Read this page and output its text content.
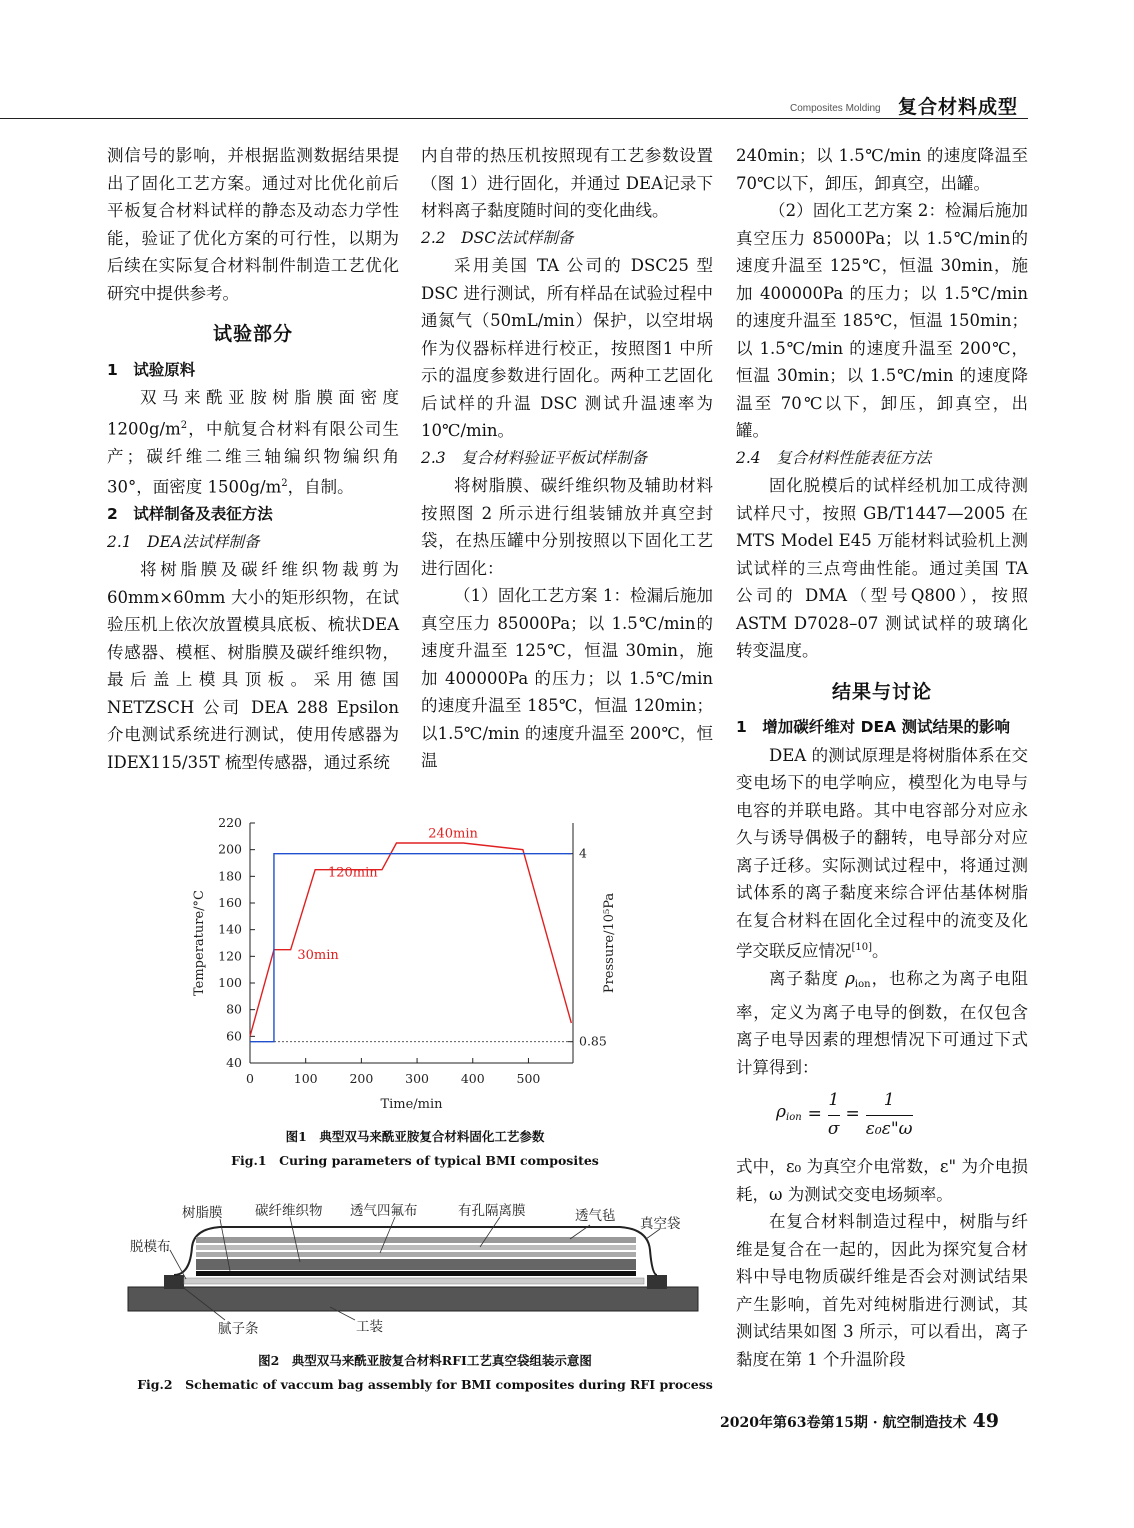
Composites Molding 复合材料成型

测信号的影响，并根据监测数据结果提出了固化工艺方案。通过对比优化前后平板复合材料试样的静态及动态力学性能，验证了优化方案的可行性，以期为后续在实际复合材料制件制造工艺优化研究中提供参考。

试验部分

1　试验原料

双马来酰亚胺树脂膜面密度$1200g/m^2$，中航复合材料有限公司生产；碳纤维二维三轴编织物编织角 30°，面密度 $1500g/m^2$，自制。

2　试样制备及表征方法

2.1　DEA法试样制备

将树脂膜及碳纤维织物裁剪为60mm×60mm 大小的矩形织物，在试验压机上依次放置模具底板、梳状DEA 传感器、模框、树脂膜及碳纤维织物，最后盖上模具顶板。采用德国NETZSCH 公司 DEA 288 Epsilon 介电测试系统进行测试，使用传感器为IDEX115/35T 梳型传感器，通过系统

内自带的热压机按照现有工艺参数设置（图 1）进行固化，并通过 DEA记录下材料离子黏度随时间的变化曲线。

2.2　DSC法试样制备

采用美国 TA 公司的 DSC25 型DSC 进行测试，所有样品在试验过程中通氮气（50mL/min）保护，以空坩埚作为仪器标样进行校正，按照图1 中所示的温度参数进行固化。两种工艺固化后试样的升温 DSC 测试升温速率为 10℃/min。

2.3　复合材料验证平板试样制备

将树脂膜、碳纤维织物及辅助材料按照图 2 所示进行组装铺放并真空封袋，在热压罐中分别按照以下固化工艺进行固化：

（1）固化工艺方案 1：检漏后施加真空压力 85000Pa；以 1.5℃/min的速度升温至 125℃，恒温 30min，施加 400000Pa 的压力；以 1.5℃/min 的速度升温至 185℃，恒温 120min；以1.5℃/min 的速度升温至 200℃，恒温

240min；以 1.5℃/min 的速度降温至70℃以下，卸压，卸真空，出罐。

（2）固化工艺方案 2：检漏后施加真空压力 85000Pa；以 1.5℃/min的速度升温至 125℃，恒温 30min，施加 400000Pa 的压力；以 1.5℃/min的速度升温至 185℃，恒温 150min；以 1.5℃/min 的速度升温至 200℃，恒温 30min；以 1.5℃/min 的速度降温至 70℃以下，卸压，卸真空，出罐。

2.4　复合材料性能表征方法

固化脱模后的试样经机加工成待测试样尺寸，按照 GB/T1447—2005 在 MTS Model E45 万能材料试验机上测试试样的三点弯曲性能。通过美国 TA 公司的 DMA（型号Q800），按照 ASTM D7028–07 测试试样的玻璃化转变温度。

结果与讨论

1　增加碳纤维对 DEA 测试结果的影响

DEA 的测试原理是将树脂体系在交变电场下的电学响应，模型化为电导与电容的并联电路。其中电容部分对应永久与诱导偶极子的翻转，电导部分对应离子迁移。实际测试过程中，将通过测试体系的离子黏度来综合评估基体树脂在复合材料在固化全过程中的流变及化学交联反应情况[10]。

离子黏度 $\rho_{ion}$，也称之为离子电阻率，定义为离子电导的倒数，在仅包含离子电导因素的理想情况下可通过下式计算得到：

$\rho_{ion} = \frac{1}{\sigma} = \frac{1}{\text{ε₀ε"ω}}$

式中，ε₀ 为真空介电常数，ε" 为介电损耗，ω 为测试交变电场频率。

在复合材料制造过程中，树脂与纤维是复合在一起的，因此为探究复合材料中导电物质碳纤维是否会对测试结果产生影响，首先对纯树脂进行测试，其测试结果如图 3 所示，可以看出，离子黏度在第 1 个升温阶段

40
60
80
100
120
140
160
180
200
220
0	100	200	300	400	500
0.85
4
30min
120min
240min
Time/min
Temperature/°C	Pressure/10⁵Pa
图1　典型双马来酰亚胺复合材料固化工艺参数
Fig.1　Curing parameters of typical BMI composites
树脂膜 碳纤维织物 透气四氟布	有孔隔离膜	透气毡 真空袋
脱模布
腻子条	工装
图2　典型双马来酰亚胺复合材料RFI工艺真空袋组装示意图
Fig.2　Schematic of vaccum bag assembly for BMI composites during RFI process
2020年第63卷第15期 · 航空制造技术 49
